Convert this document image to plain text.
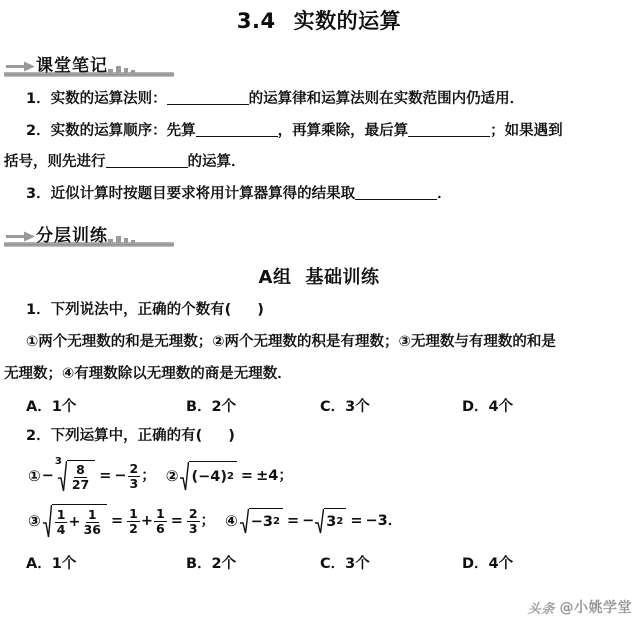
3.4 实数的运算
课堂笔记
1．实数的运算法则：	的运算律和运算法则在实数范围内仍适用．
2．实数的运算顺序：先算	，再算乘除，最后算	；如果遇到
括号，则先进行	的运算．
3．近似计算时按题目要求将用计算器算得的结果取	．
分层训练
A组 基础训练
1．下列说法中，正确的个数有( )
①两个无理数的和是无理数；②两个无理数的积是有理数；③无理数与有理数的和是
无理数；④有理数除以无理数的商是无理数．
A．1个	B．2个	C．3个	D．4个
2．下列运算中，正确的有( )
① −
3
$\frac{8}{27}$ = − $\frac{2}{3}$ ； ② (−4) 2 = ±4 ；
③ $\frac{1}{4} + \frac{1}{36} = \frac{1}{2} + \frac{1}{6} = \frac{2}{3}$ ； ④ −3 2 = − 3 2 = −3 ．
A．1个	B．2个	C．3个	D．4个
头条 @小姚学堂
